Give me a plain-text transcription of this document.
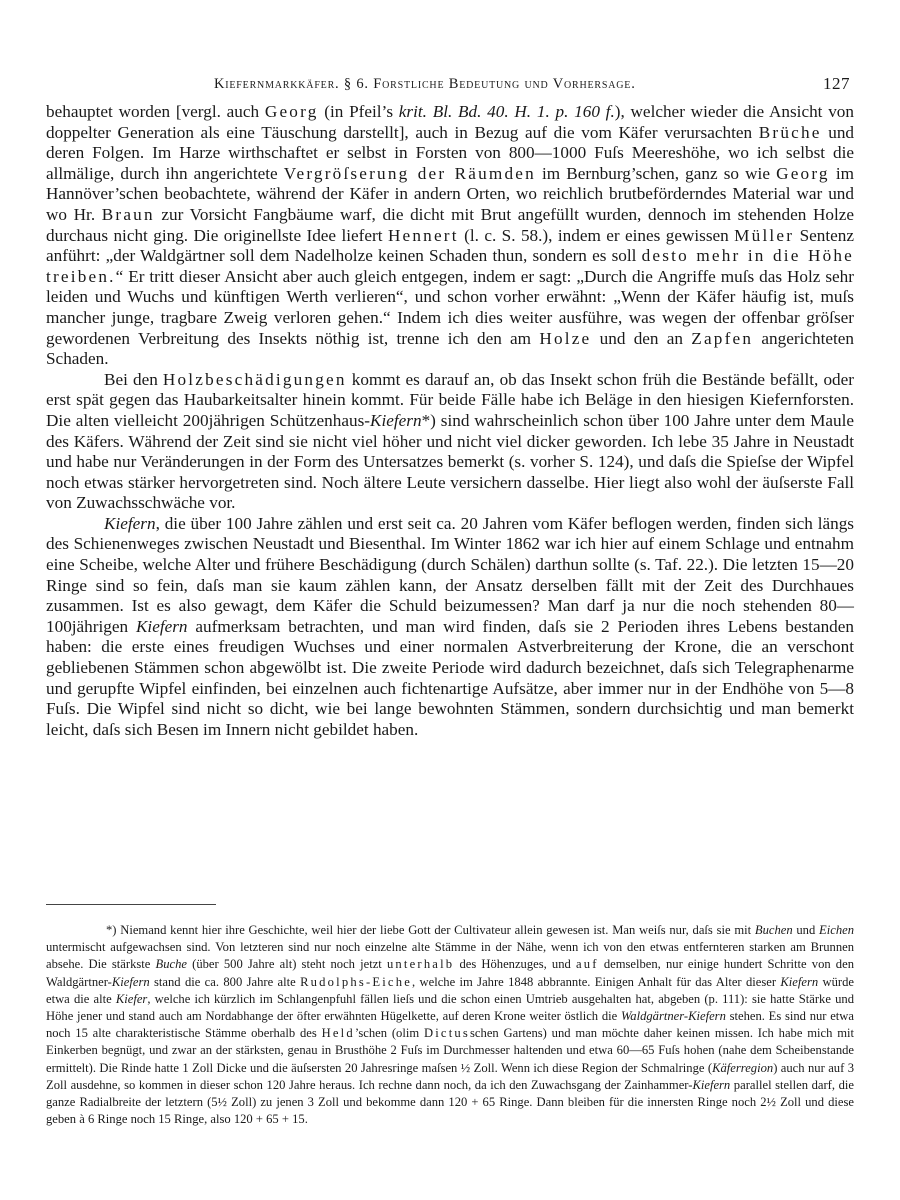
Kiefernmarkkäfer. § 6. Forstliche Bedeutung und Vorhersage.	127

behauptet worden [vergl. auch Georg (in Pfeil’s krit. Bl. Bd. 40. H. 1. p. 160 f.), welcher wieder die Ansicht von doppelter Generation als eine Täuschung darstellt], auch in Bezug auf die vom Käfer verursachten Brüche und deren Folgen. Im Harze wirthschaftet er selbst in Forsten von 800—1000 Fuſs Meereshöhe, wo ich selbst die allmälige, durch ihn angerichtete Vergröſserung der Räumden im Bernburg’schen, ganz so wie Georg im Hannöver’schen beobachtete, während der Käfer in andern Orten, wo reichlich brutbeförderndes Material war und wo Hr. Braun zur Vorsicht Fangbäume warf, die dicht mit Brut angefüllt wurden, dennoch im stehenden Holze durchaus nicht ging. Die originellste Idee liefert Hennert (l. c. S. 58.), indem er eines gewissen Müller Sentenz anführt: „der Waldgärtner soll dem Nadelholze keinen Schaden thun, sondern es soll desto mehr in die Höhe treiben.“ Er tritt dieser Ansicht aber auch gleich entgegen, indem er sagt: „Durch die Angriffe muſs das Holz sehr leiden und Wuchs und künftigen Werth verlieren“, und schon vorher erwähnt: „Wenn der Käfer häufig ist, muſs mancher junge, tragbare Zweig verloren gehen.“ Indem ich dies weiter ausführe, was wegen der offenbar gröſser gewordenen Verbreitung des Insekts nöthig ist, trenne ich den am Holze und den an Zapfen angerichteten Schaden.

Bei den Holzbeschädigungen kommt es darauf an, ob das Insekt schon früh die Bestände befällt, oder erst spät gegen das Haubarkeitsalter hinein kommt. Für beide Fälle habe ich Beläge in den hiesigen Kiefernforsten. Die alten vielleicht 200jährigen Schützenhaus-Kiefern*) sind wahrscheinlich schon über 100 Jahre unter dem Maule des Käfers. Während der Zeit sind sie nicht viel höher und nicht viel dicker geworden. Ich lebe 35 Jahre in Neustadt und habe nur Veränderungen in der Form des Untersatzes bemerkt (s. vorher S. 124), und daſs die Spieſse der Wipfel noch etwas stärker hervorgetreten sind. Noch ältere Leute versichern dasselbe. Hier liegt also wohl der äuſserste Fall von Zuwachsschwäche vor.

Kiefern, die über 100 Jahre zählen und erst seit ca. 20 Jahren vom Käfer beflogen werden, finden sich längs des Schienenweges zwischen Neustadt und Biesenthal. Im Winter 1862 war ich hier auf einem Schlage und entnahm eine Scheibe, welche Alter und frühere Beschädigung (durch Schälen) darthun sollte (s. Taf. 22.). Die letzten 15—20 Ringe sind so fein, daſs man sie kaum zählen kann, der Ansatz derselben fällt mit der Zeit des Durchhaues zusammen. Ist es also gewagt, dem Käfer die Schuld beizumessen? Man darf ja nur die noch stehenden 80—100jährigen Kiefern aufmerksam betrachten, und man wird finden, daſs sie 2 Perioden ihres Lebens bestanden haben: die erste eines freudigen Wuchses und einer normalen Astverbreiterung der Krone, die an verschont gebliebenen Stämmen schon abgewölbt ist. Die zweite Periode wird dadurch bezeichnet, daſs sich Telegraphenarme und gerupfte Wipfel einfinden, bei einzelnen auch fichtenartige Aufsätze, aber immer nur in der Endhöhe von 5—8 Fuſs. Die Wipfel sind nicht so dicht, wie bei lange bewohnten Stämmen, sondern durchsichtig und man bemerkt leicht, daſs sich Besen im Innern nicht gebildet haben.

*) Niemand kennt hier ihre Geschichte, weil hier der liebe Gott der Cultivateur allein gewesen ist. Man weiſs nur, daſs sie mit Buchen und Eichen untermischt aufgewachsen sind. Von letzteren sind nur noch einzelne alte Stämme in der Nähe, wenn ich von den etwas entfernteren starken am Brunnen absehe. Die stärkste Buche (über 500 Jahre alt) steht noch jetzt unterhalb des Höhenzuges, und auf demselben, nur einige hundert Schritte von den Waldgärtner-Kiefern stand die ca. 800 Jahre alte Rudolphs-Eiche, welche im Jahre 1848 abbrannte. Einigen Anhalt für das Alter dieser Kiefern würde etwa die alte Kiefer, welche ich kürzlich im Schlangenpfuhl fällen lieſs und die schon einen Umtrieb ausgehalten hat, abgeben (p. 111): sie hatte Stärke und Höhe jener und stand auch am Nordabhange der öfter erwähnten Hügelkette, auf deren Krone weiter östlich die Waldgärtner-Kiefern stehen. Es sind nur etwa noch 15 alte charakteristische Stämme oberhalb des Held’schen (olim Dictusschen Gartens) und man möchte daher keinen missen. Ich habe mich mit Einkerben begnügt, und zwar an der stärksten, genau in Brusthöhe 2 Fuſs im Durchmesser haltenden und etwa 60—65 Fuſs hohen (nahe dem Scheibenstande ermittelt). Die Rinde hatte 1 Zoll Dicke und die äuſsersten 20 Jahresringe maſsen ½ Zoll. Wenn ich diese Region der Schmalringe (Käferregion) auch nur auf 3 Zoll ausdehne, so kommen in dieser schon 120 Jahre heraus. Ich rechne dann noch, da ich den Zuwachsgang der Zainhammer-Kiefern parallel stellen darf, die ganze Radialbreite der letztern (5½ Zoll) zu jenen 3 Zoll und bekomme dann 120 + 65 Ringe. Dann bleiben für die innersten Ringe noch 2½ Zoll und diese geben à 6 Ringe noch 15 Ringe, also 120 + 65 + 15.
